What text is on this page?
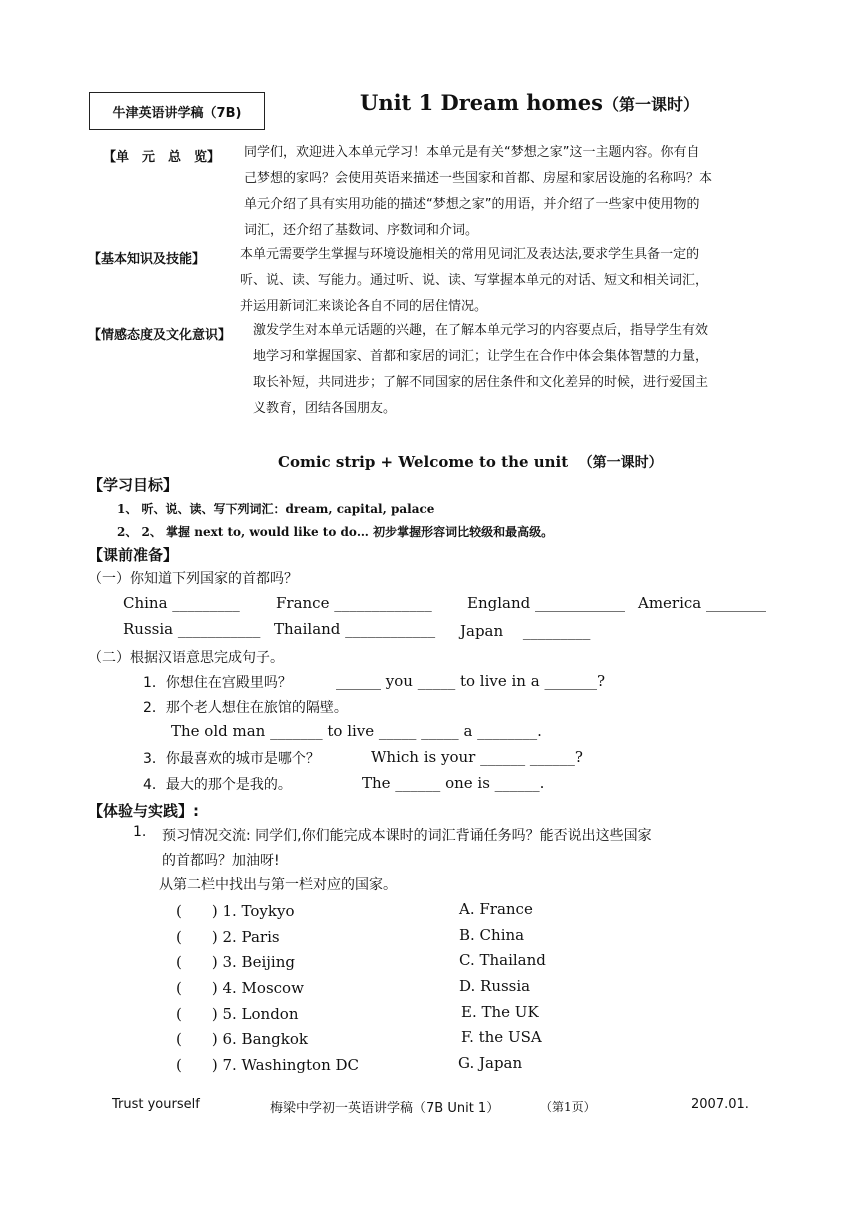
牛津英语讲学稿（7B)	Unit 1 Dream homes（第一课时）
【单　元　总　览】 同学们，欢迎进入本单元学习！本单元是有关“梦想之家”这一主题内容。你有自
己梦想的家吗？会使用英语来描述一些国家和首都、房屋和家居设施的名称吗？本
单元介绍了具有实用功能的描述“梦想之家”的用语，并介绍了一些家中使用物的
词汇，还介绍了基数词、序数词和介词。
【基本知识及技能】	本单元需要学生掌握与环境设施相关的常用见词汇及表达法,要求学生具备一定的
听、说、读、写能力。通过听、说、读、写掌握本单元的对话、短文和相关词汇，
并运用新词汇来谈论各自不同的居住情况。
【情感态度及文化意识】 激发学生对本单元话题的兴趣，在了解本单元学习的内容要点后，指导学生有效
地学习和掌握国家、首都和家居的词汇；让学生在合作中体会集体智慧的力量，
取长补短，共同进步；了解不同国家的居住条件和文化差异的时候，进行爱国主
义教育，团结各国朋友。
Comic strip + Welcome to the unit （第一课时）
【学习目标】
1、 听、说、读、写下列词汇：dream, capital, palace
2、 2、 掌握 next to, would like to do… 初步掌握形容词比较级和最高级。
【课前准备】
（一）你知道下列国家的首都吗？
China _________ France _____________ England ____________ America ________
Russia ___________ Thailand ____________ Japan　 _________
（二）根据汉语意思完成句子。
1．你想住在宫殿里吗？	______ you _____ to live in a _______?
2．那个老人想住在旅馆的隔壁。
The old man _______ to live _____ _____ a ________.
3．你最喜欢的城市是哪个？	Which is your ______ ______?
4．最大的那个是我的。	The ______ one is ______.
【体验与实践】:
1. 预习情况交流: 同学们,你们能完成本课时的词汇背诵任务吗？能否说出这些国家
的首都吗？加油呀!
从第二栏中找出与第一栏对应的国家。
(　　) 1. Toykyo	A. France
(　　) 2. Paris	B. China
(　　) 3. Beijing	C. Thailand
(　　) 4. Moscow	D. Russia
(　　) 5. London	E. The UK
(　　) 6. Bangkok	F. the USA
(　　) 7. Washington DC	G. Japan
Trust yourself	梅梁中学初一英语讲学稿（7B Unit 1）	（第1页）	2007.01.
